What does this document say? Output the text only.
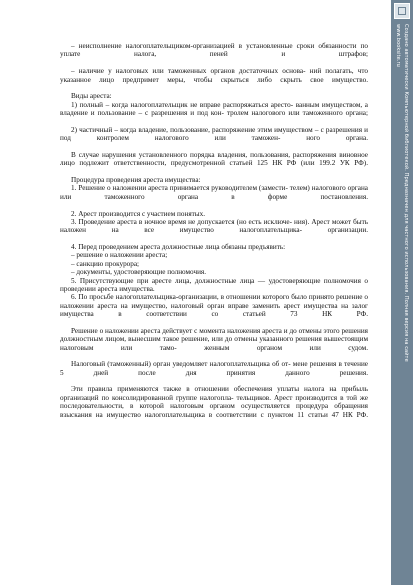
– неисполнение налогоплательщиком-организацией в установленные сроки обязанности по уплате налога, пеней и штрафов;

– наличие у налоговых или таможенных органов достаточных основа- ний полагать, что указанное лицо предпримет меры, чтобы скрыться либо скрыть свое имущество.

Виды ареста:

1) полный – когда налогоплательщик не вправе распоряжаться аресто- ванным имуществом, а владение и пользование – с разрешения и под кон- тролем налогового или таможенного органа;

2) частичный – когда владение, пользование, распоряжение этим имуществом – с разрешения и под контролем налогового или таможен- ного органа.

В случае нарушения установленного порядка владения, пользования, распоряжения виновное лицо подлежит ответственности, предусмотренной статьей 125 НК РФ (или 199.2 УК РФ).

Процедура проведения ареста имущества:

1. Решение о наложении ареста принимается руководителем (замести- телем) налогового органа или таможенного органа в форме постановления.

2. Арест производится с участием понятых.

3. Проведение ареста в ночное время не допускается (но есть исключе- ния). Арест может быть наложен на все имущество налогоплательщика- организации.

4. Перед проведением ареста должностные лица обязаны предъявить:

– решение о наложении ареста;

– санкцию прокурора;

– документы, удостоверяющие полномочия.

5. Присутствующие при аресте лица, должностные лица — удостоверяющие полномочия о проведении ареста имущества.

6. По просьбе налогоплательщика-организации, в отношении которого было принято решение о наложении ареста на имущество, налоговый орган вправе заменить арест имущества на залог имущества в соответствии со статьей 73 НК РФ.

Решение о наложении ареста действует с момента наложения ареста и до отмены этого решения должностным лицом, вынесшим такое решение, или до отмены указанного решения вышестоящим налоговым или тамо- женным органом или судом.

Налоговый (таможенный) орган уведомляет налогоплательщика об от- мене решения в течение 5 дней после дня принятия данного решения.

Эти правила применяются также в отношении обеспечения уплаты налога на прибыль организаций по консолидированной группе налогопла- тельщиков. Арест производится в той же последовательности, в которой налоговым органом осуществляется процедура обращения взыскания на имущество налогоплательщика в соответствии с пунктом 11 статьи 47 НК РФ.

Создано автоматически Компьютерной библиотекой. Предназначен для частного использования. Полная версия на сайте
www.booksite.ru
